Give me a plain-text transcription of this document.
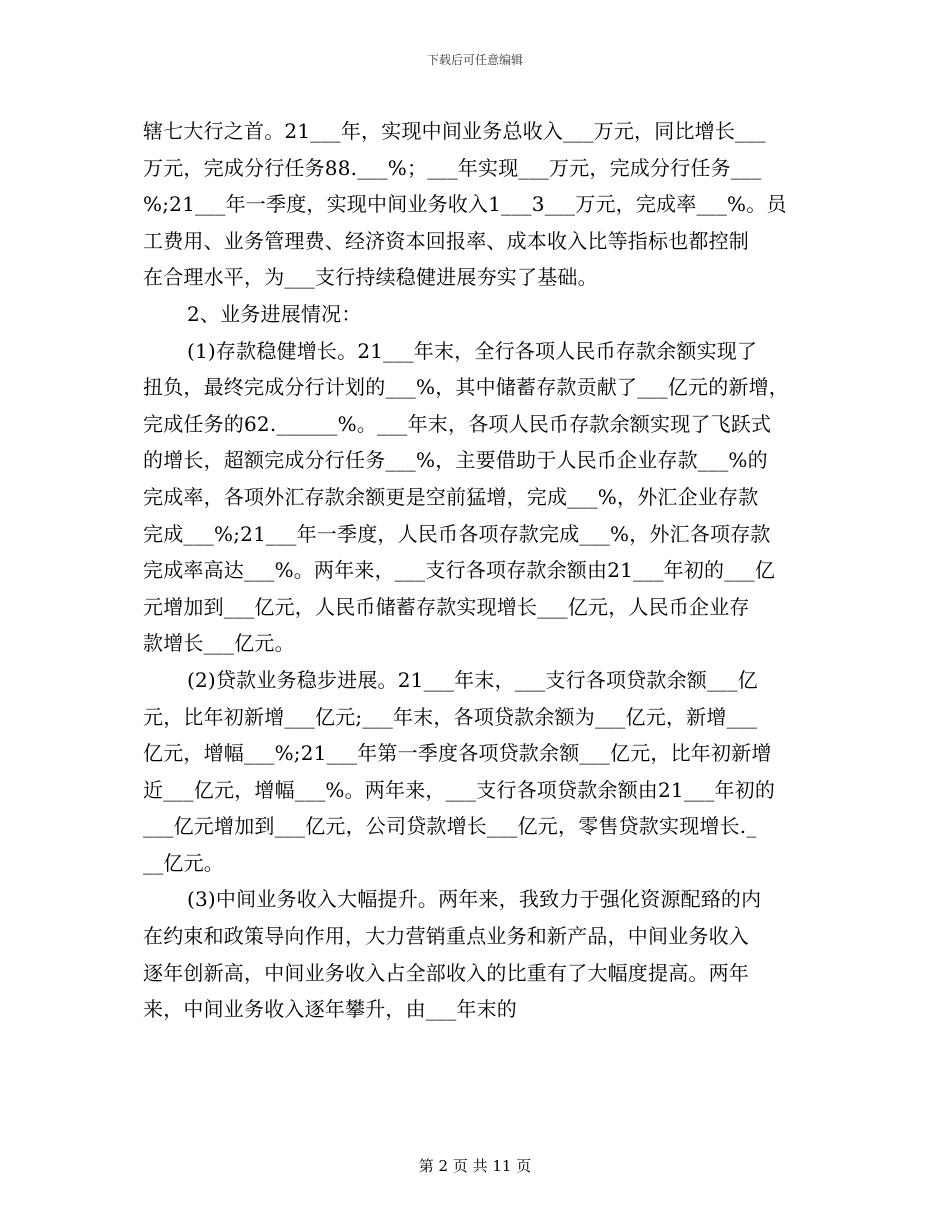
下载后可任意编辑
辖七大行之首。21___年，实现中间业务总收入___万元，同比增长___
万元，完成分行任务88.___%；___年实现___万元，完成分行任务___
%;21___年一季度，实现中间业务收入1___3___万元，完成率___%。员
工费用、业务管理费、经济资本回报率、成本收入比等指标也都控制
在合理水平，为___支行持续稳健进展夯实了基础。
2、业务进展情况：
(1)存款稳健增长。21___年末，全行各项人民币存款余额实现了
扭负，最终完成分行计划的___%，其中储蓄存款贡献了___亿元的新增，
完成任务的62.______%。___年末，各项人民币存款余额实现了飞跃式
的增长，超额完成分行任务___%，主要借助于人民币企业存款___%的
完成率，各项外汇存款余额更是空前猛增，完成___%，外汇企业存款
完成___%;21___年一季度，人民币各项存款完成___%，外汇各项存款
完成率高达___%。两年来，___支行各项存款余额由21___年初的___亿
元增加到___亿元，人民币储蓄存款实现增长___亿元，人民币企业存
款增长___亿元。
(2)贷款业务稳步进展。21___年末，___支行各项贷款余额___亿
元，比年初新增___亿元;___年末，各项贷款余额为___亿元，新增___
亿元，增幅___%;21___年第一季度各项贷款余额___亿元，比年初新增
近___亿元，增幅___%。两年来，___支行各项贷款余额由21___年初的
___亿元增加到___亿元，公司贷款增长___亿元，零售贷款实现增长._
__亿元。
(3)中间业务收入大幅提升。两年来，我致力于强化资源配臵的内
在约束和政策导向作用，大力营销重点业务和新产品，中间业务收入
逐年创新高，中间业务收入占全部收入的比重有了大幅度提高。两年
来，中间业务收入逐年攀升，由___年末的
第 2 页 共 11 页
